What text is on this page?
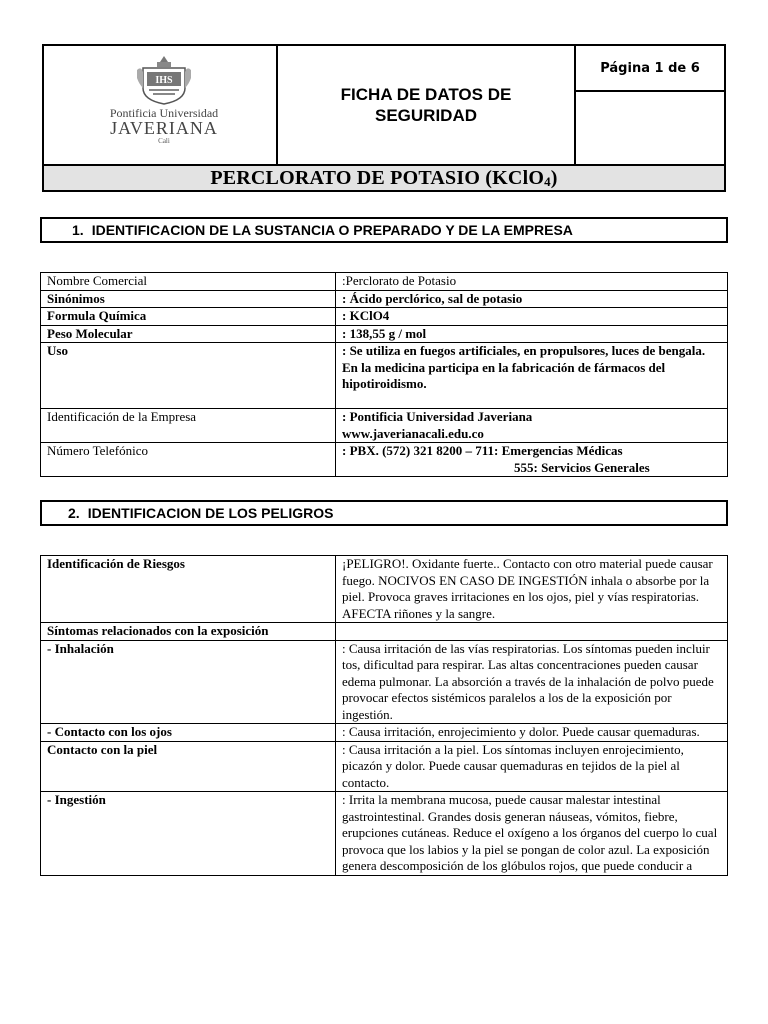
IHS
Pontificia Universidad
JAVERIANA
Cali
FICHA DE DATOS DE SEGURIDAD
Página 1 de 6
PERCLORATO DE POTASIO (KClO$_4$)
1. IDENTIFICACION DE LA SUSTANCIA O PREPARADO Y DE LA EMPRESA
Nombre Comercial	:Perclorato de Potasio
Sinónimos	: Ácido perclórico, sal de potasio
Formula Química	: KClO4
Peso Molecular	: 138,55 g / mol
Uso	: Se utiliza en fuegos artificiales, en propulsores, luces de bengala. En la medicina participa en la fabricación de fármacos del hipotiroidismo.
Identificación de la Empresa	: Pontificia Universidad Javeriana
www.javerianacali.edu.co

Número Telefónico	: PBX. (572) 321 8200 – 711: Emergencias Médicas
555: Servicios Generales
2. IDENTIFICACION DE LOS PELIGROS
Identificación de Riesgos	¡PELIGRO!. Oxidante fuerte.. Contacto con otro material puede causar fuego. NOCIVOS EN CASO DE INGESTIÓN inhala o absorbe por la piel. Provoca graves irritaciones en los ojos, piel y vías respiratorias. AFECTA riñones y la sangre.
Síntomas relacionados con la exposición	
- Inhalación	: Causa irritación de las vías respiratorias. Los síntomas pueden incluir tos, dificultad para respirar. Las altas concentraciones pueden causar edema pulmonar. La absorción a través de la inhalación de polvo puede provocar efectos sistémicos paralelos a los de la exposición por ingestión.
- Contacto con los ojos	: Causa irritación, enrojecimiento y dolor. Puede causar quemaduras.
Contacto con la piel	: Causa irritación a la piel. Los síntomas incluyen enrojecimiento, picazón y dolor. Puede causar quemaduras en tejidos de la piel al contacto.
- Ingestión	: Irrita la membrana mucosa, puede causar malestar intestinal gastrointestinal. Grandes dosis generan náuseas, vómitos, fiebre, erupciones cutáneas. Reduce el oxígeno a los órganos del cuerpo lo cual provoca que los labios y la piel se pongan de color azul. La exposición genera descomposición de los glóbulos rojos, que puede conducir a
